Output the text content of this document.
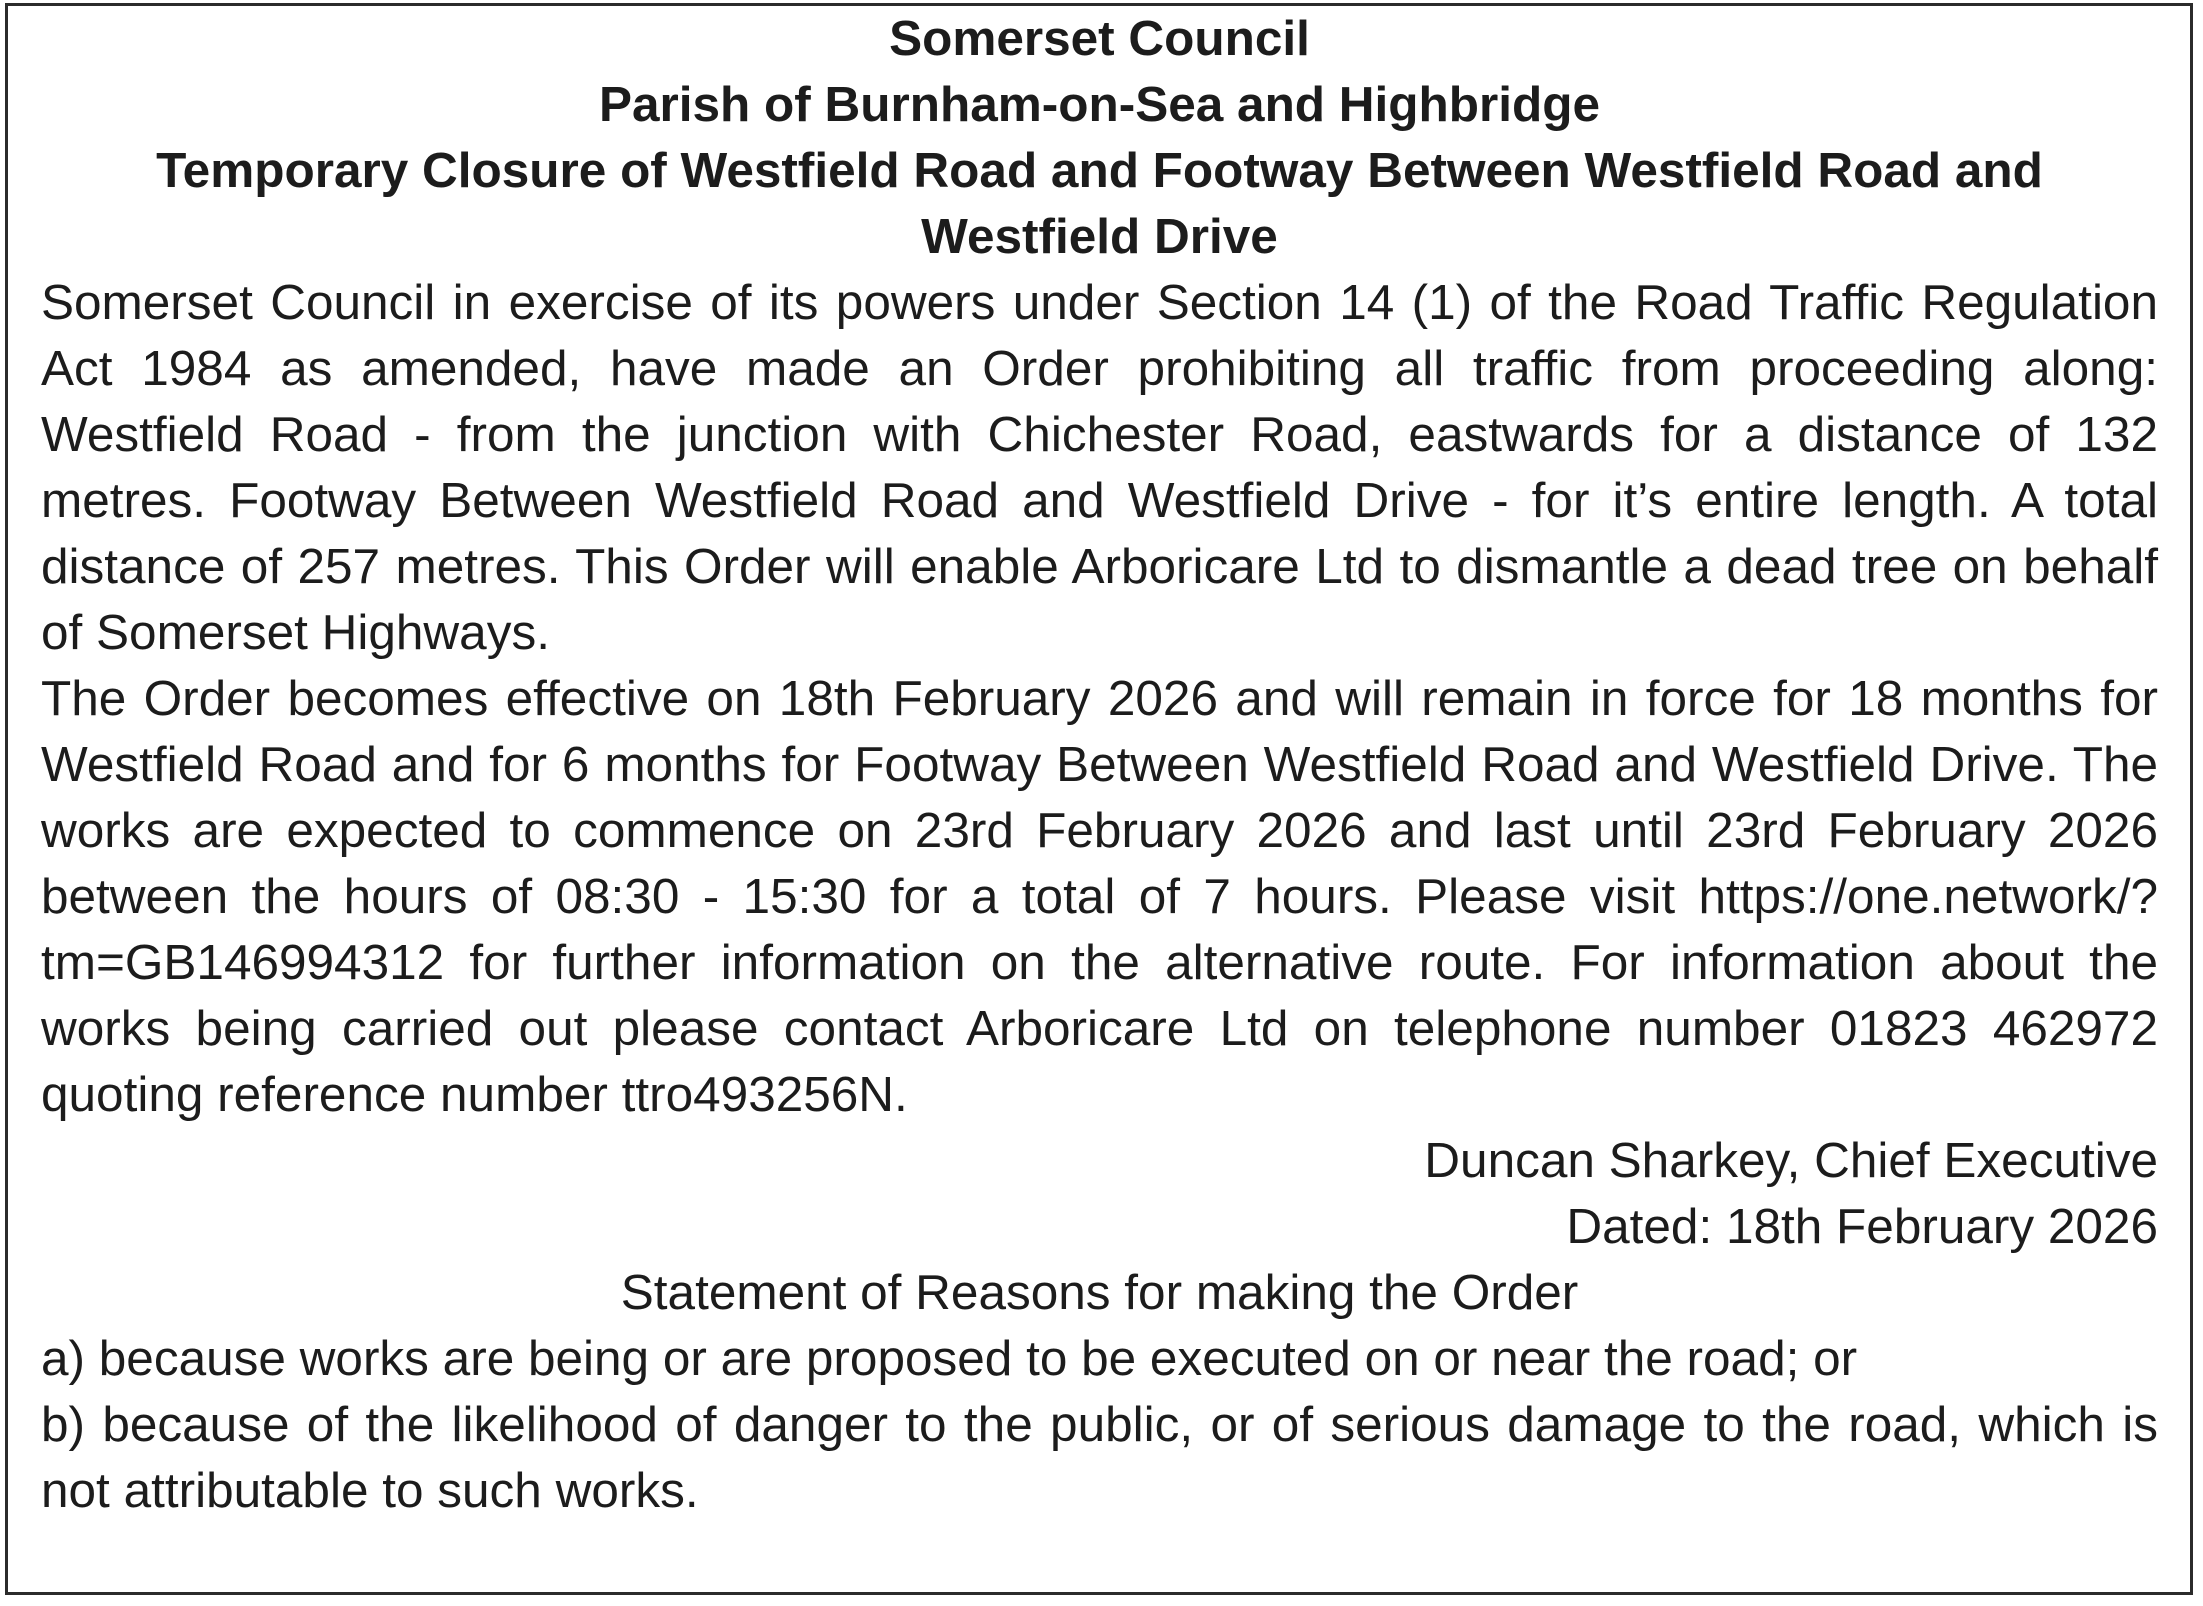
Somerset Council
Parish of Burnham-on-Sea and Highbridge
Temporary Closure of Westfield Road and Footway Between Westfield Road and Westfield Drive

Somerset Council in exercise of its powers under Section 14 (1) of the Road Traffic Regulation Act 1984 as amended, have made an Order prohibiting all traffic from proceeding along: Westfield Road - from the junction with Chichester Road, eastwards for a distance of 132 metres. Footway Between Westfield Road and Westfield Drive - for it’s entire length. A total distance of 257 metres. This Order will enable Arboricare Ltd to dismantle a dead tree on behalf of Somerset Highways.

The Order becomes effective on 18th February 2026 and will remain in force for 18 months for Westfield Road and for 6 months for Footway Between Westfield Road and Westfield Drive. The works are expected to commence on 23rd February 2026 and last until 23rd February 2026 between the hours of 08:30 - 15:30 for a total of 7 hours. Please visit https://one.network/?tm=GB146994312 for further information on the alternative route. For information about the works being carried out please contact Arboricare Ltd on telephone number 01823 462972 quoting reference number ttro493256N.

Duncan Sharkey, Chief Executive

Dated: 18th February 2026

Statement of Reasons for making the Order

a) because works are being or are proposed to be executed on or near the road; or

b) because of the likelihood of danger to the public, or of serious damage to the road, which is not attributable to such works.
